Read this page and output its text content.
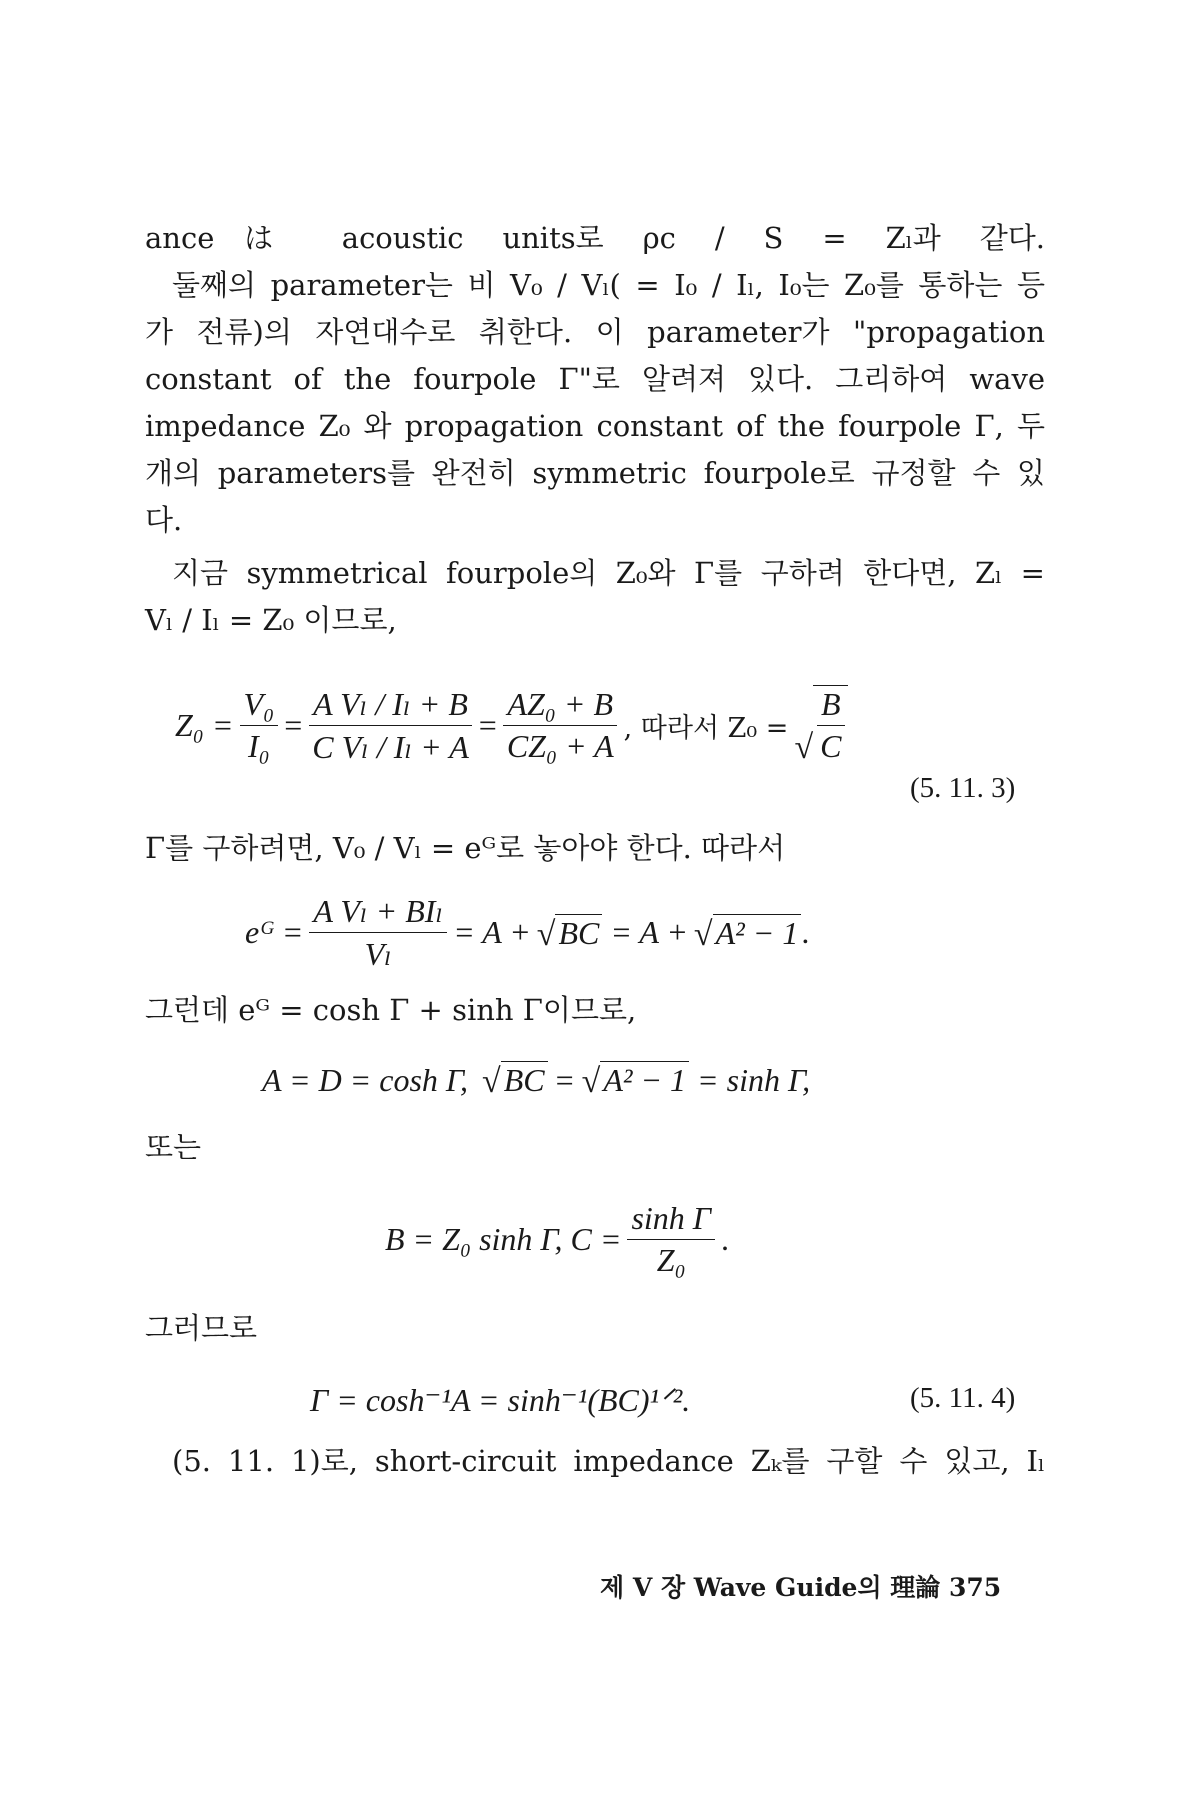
anceは acoustic units로 ρc / S = Zₗ과 같다.
둘째의 parameter는 비 V₀ / Vₗ( = I₀ / Iₗ, I₀는 Z₀를 통하는 등
가 전류)의 자연대수로 취한다. 이 parameter가 "propagation
constant of the fourpole Γ"로 알려져 있다. 그리하여 wave
impedance Z₀ 와 propagation constant of the fourpole Γ, 두
개의 parameters를 완전히 symmetric fourpole로 규정할 수 있
다.
지금 symmetrical fourpole의 Z₀와 Γ를 구하려 한다면, Zₗ =
Vₗ / Iₗ = Z₀ 이므로,
$Z_0 = \frac{\text{V₀}}{\text{I₀}} = \frac{\text{A Vₗ / Iₗ + B}}{\text{C Vₗ / Iₗ + A}} = \frac{\text{AZ₀ + B}}{\text{CZ₀ + A}}$ , 따라서 Z₀ =
√ $\frac{B}{C}$
(5. 11. 3)
Γ를 구하려면, V₀ / Vₗ = eᴳ로 놓아야 한다. 따라서
eᴳ = $\frac{\text{A Vₗ + BIₗ}}{\text{Vₗ}} = A$ + √ BC = A + √ A² − 1 .
그런데 eᴳ = cosh Γ + sinh Γ이므로,
A = D = cosh Γ, √ BC = √ A² − 1 = sinh Γ,
또는
B = Z₀ sinh Γ, $C = \frac{\text{sinh Γ}}{\text{Z₀}}$ .
그러므로
Γ = cosh⁻¹A = sinh⁻¹(BC)¹ᐟ².	(5. 11. 4)
(5. 11. 1)로, short-circuit impedance Zₖ를 구할 수 있고, Iₗ
제 Ⅴ 장 Wave Guide의 理論 375
